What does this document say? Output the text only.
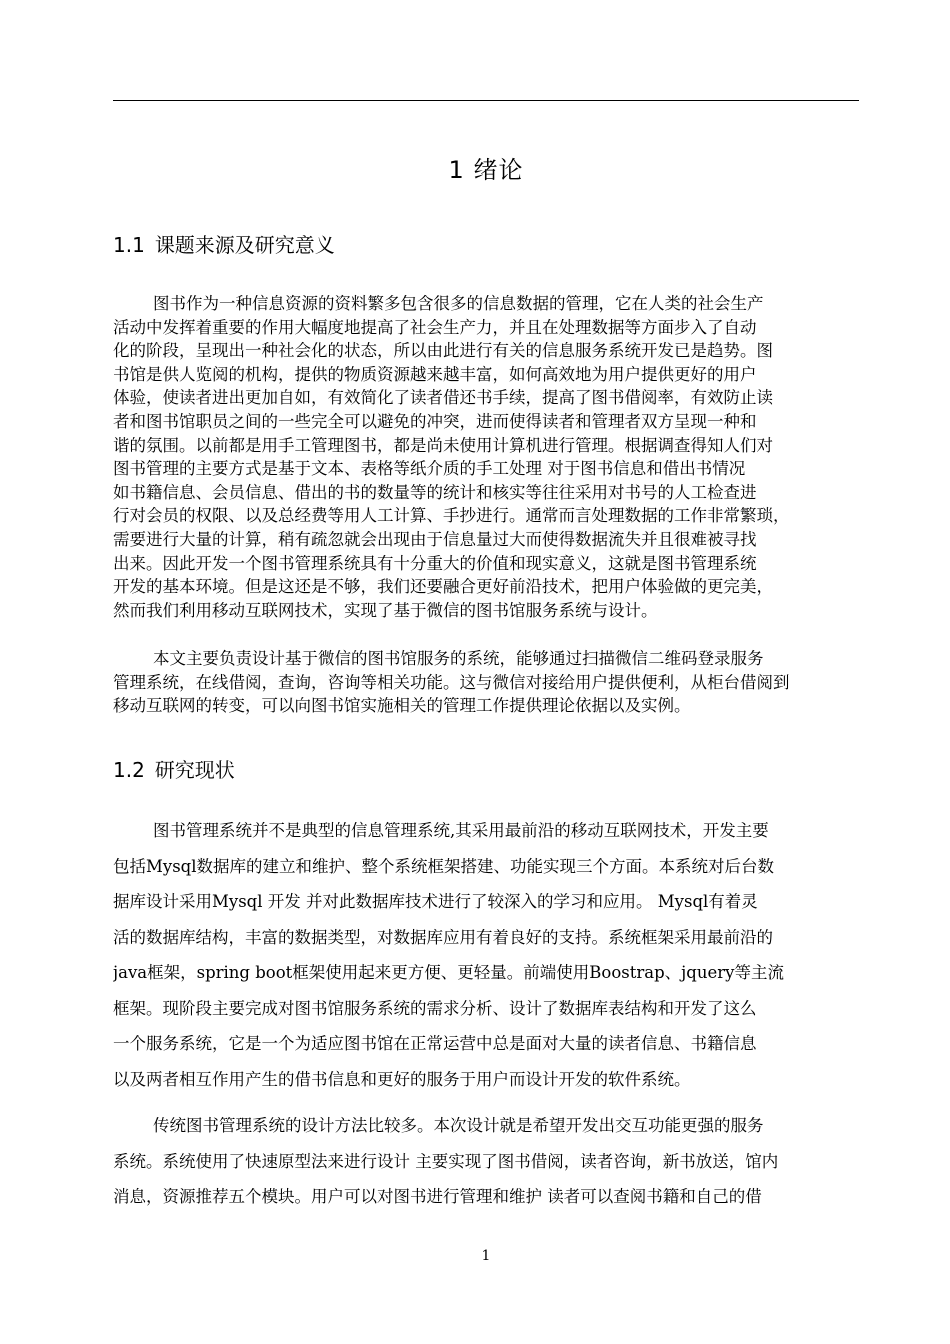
1 绪论
1.1 课题来源及研究意义
图书作为一种信息资源的资料繁多包含很多的信息数据的管理，它在人类的社会生产
活动中发挥着重要的作用大幅度地提高了社会生产力，并且在处理数据等方面步入了自动
化的阶段，呈现出一种社会化的状态，所以由此进行有关的信息服务系统开发已是趋势。图
书馆是供人览阅的机构，提供的物质资源越来越丰富，如何高效地为用户提供更好的用户
体验，使读者进出更加自如，有效简化了读者借还书手续，提高了图书借阅率，有效防止读
者和图书馆职员之间的一些完全可以避免的冲突，进而使得读者和管理者双方呈现一种和
谐的氛围。以前都是用手工管理图书，都是尚未使用计算机进行管理。根据调查得知人们对
图书管理的主要方式是基于文本、表格等纸介质的手工处理 对于图书信息和借出书情况
如书籍信息、会员信息、借出的书的数量等的统计和核实等往往采用对书号的人工检查进
行对会员的权限、以及总经费等用人工计算、手抄进行。通常而言处理数据的工作非常繁琐，
需要进行大量的计算，稍有疏忽就会出现由于信息量过大而使得数据流失并且很难被寻找
出来。因此开发一个图书管理系统具有十分重大的价值和现实意义，这就是图书管理系统
开发的基本环境。但是这还是不够，我们还要融合更好前沿技术，把用户体验做的更完美，
然而我们利用移动互联网技术，实现了基于微信的图书馆服务系统与设计。
本文主要负责设计基于微信的图书馆服务的系统，能够通过扫描微信二维码登录服务
管理系统，在线借阅，查询，咨询等相关功能。这与微信对接给用户提供便利，从柜台借阅到
移动互联网的转变，可以向图书馆实施相关的管理工作提供理论依据以及实例。
1.2 研究现状
图书管理系统并不是典型的信息管理系统,其采用最前沿的移动互联网技术，开发主要
包括Mysql数据库的建立和维护、整个系统框架搭建、功能实现三个方面。本系统对后台数
据库设计采用Mysql 开发 并对此数据库技术进行了较深入的学习和应用。 Mysql有着灵
活的数据库结构，丰富的数据类型，对数据库应用有着良好的支持。系统框架采用最前沿的
java框架，spring boot框架使用起来更方便、更轻量。前端使用Boostrap、jquery等主流
框架。现阶段主要完成对图书馆服务系统的需求分析、设计了数据库表结构和开发了这么
一个服务系统，它是一个为适应图书馆在正常运营中总是面对大量的读者信息、书籍信息
以及两者相互作用产生的借书信息和更好的服务于用户而设计开发的软件系统。
传统图书管理系统的设计方法比较多。本次设计就是希望开发出交互功能更强的服务
系统。系统使用了快速原型法来进行设计 主要实现了图书借阅，读者咨询，新书放送，馆内
消息，资源推荐五个模块。用户可以对图书进行管理和维护 读者可以查阅书籍和自己的借
1
